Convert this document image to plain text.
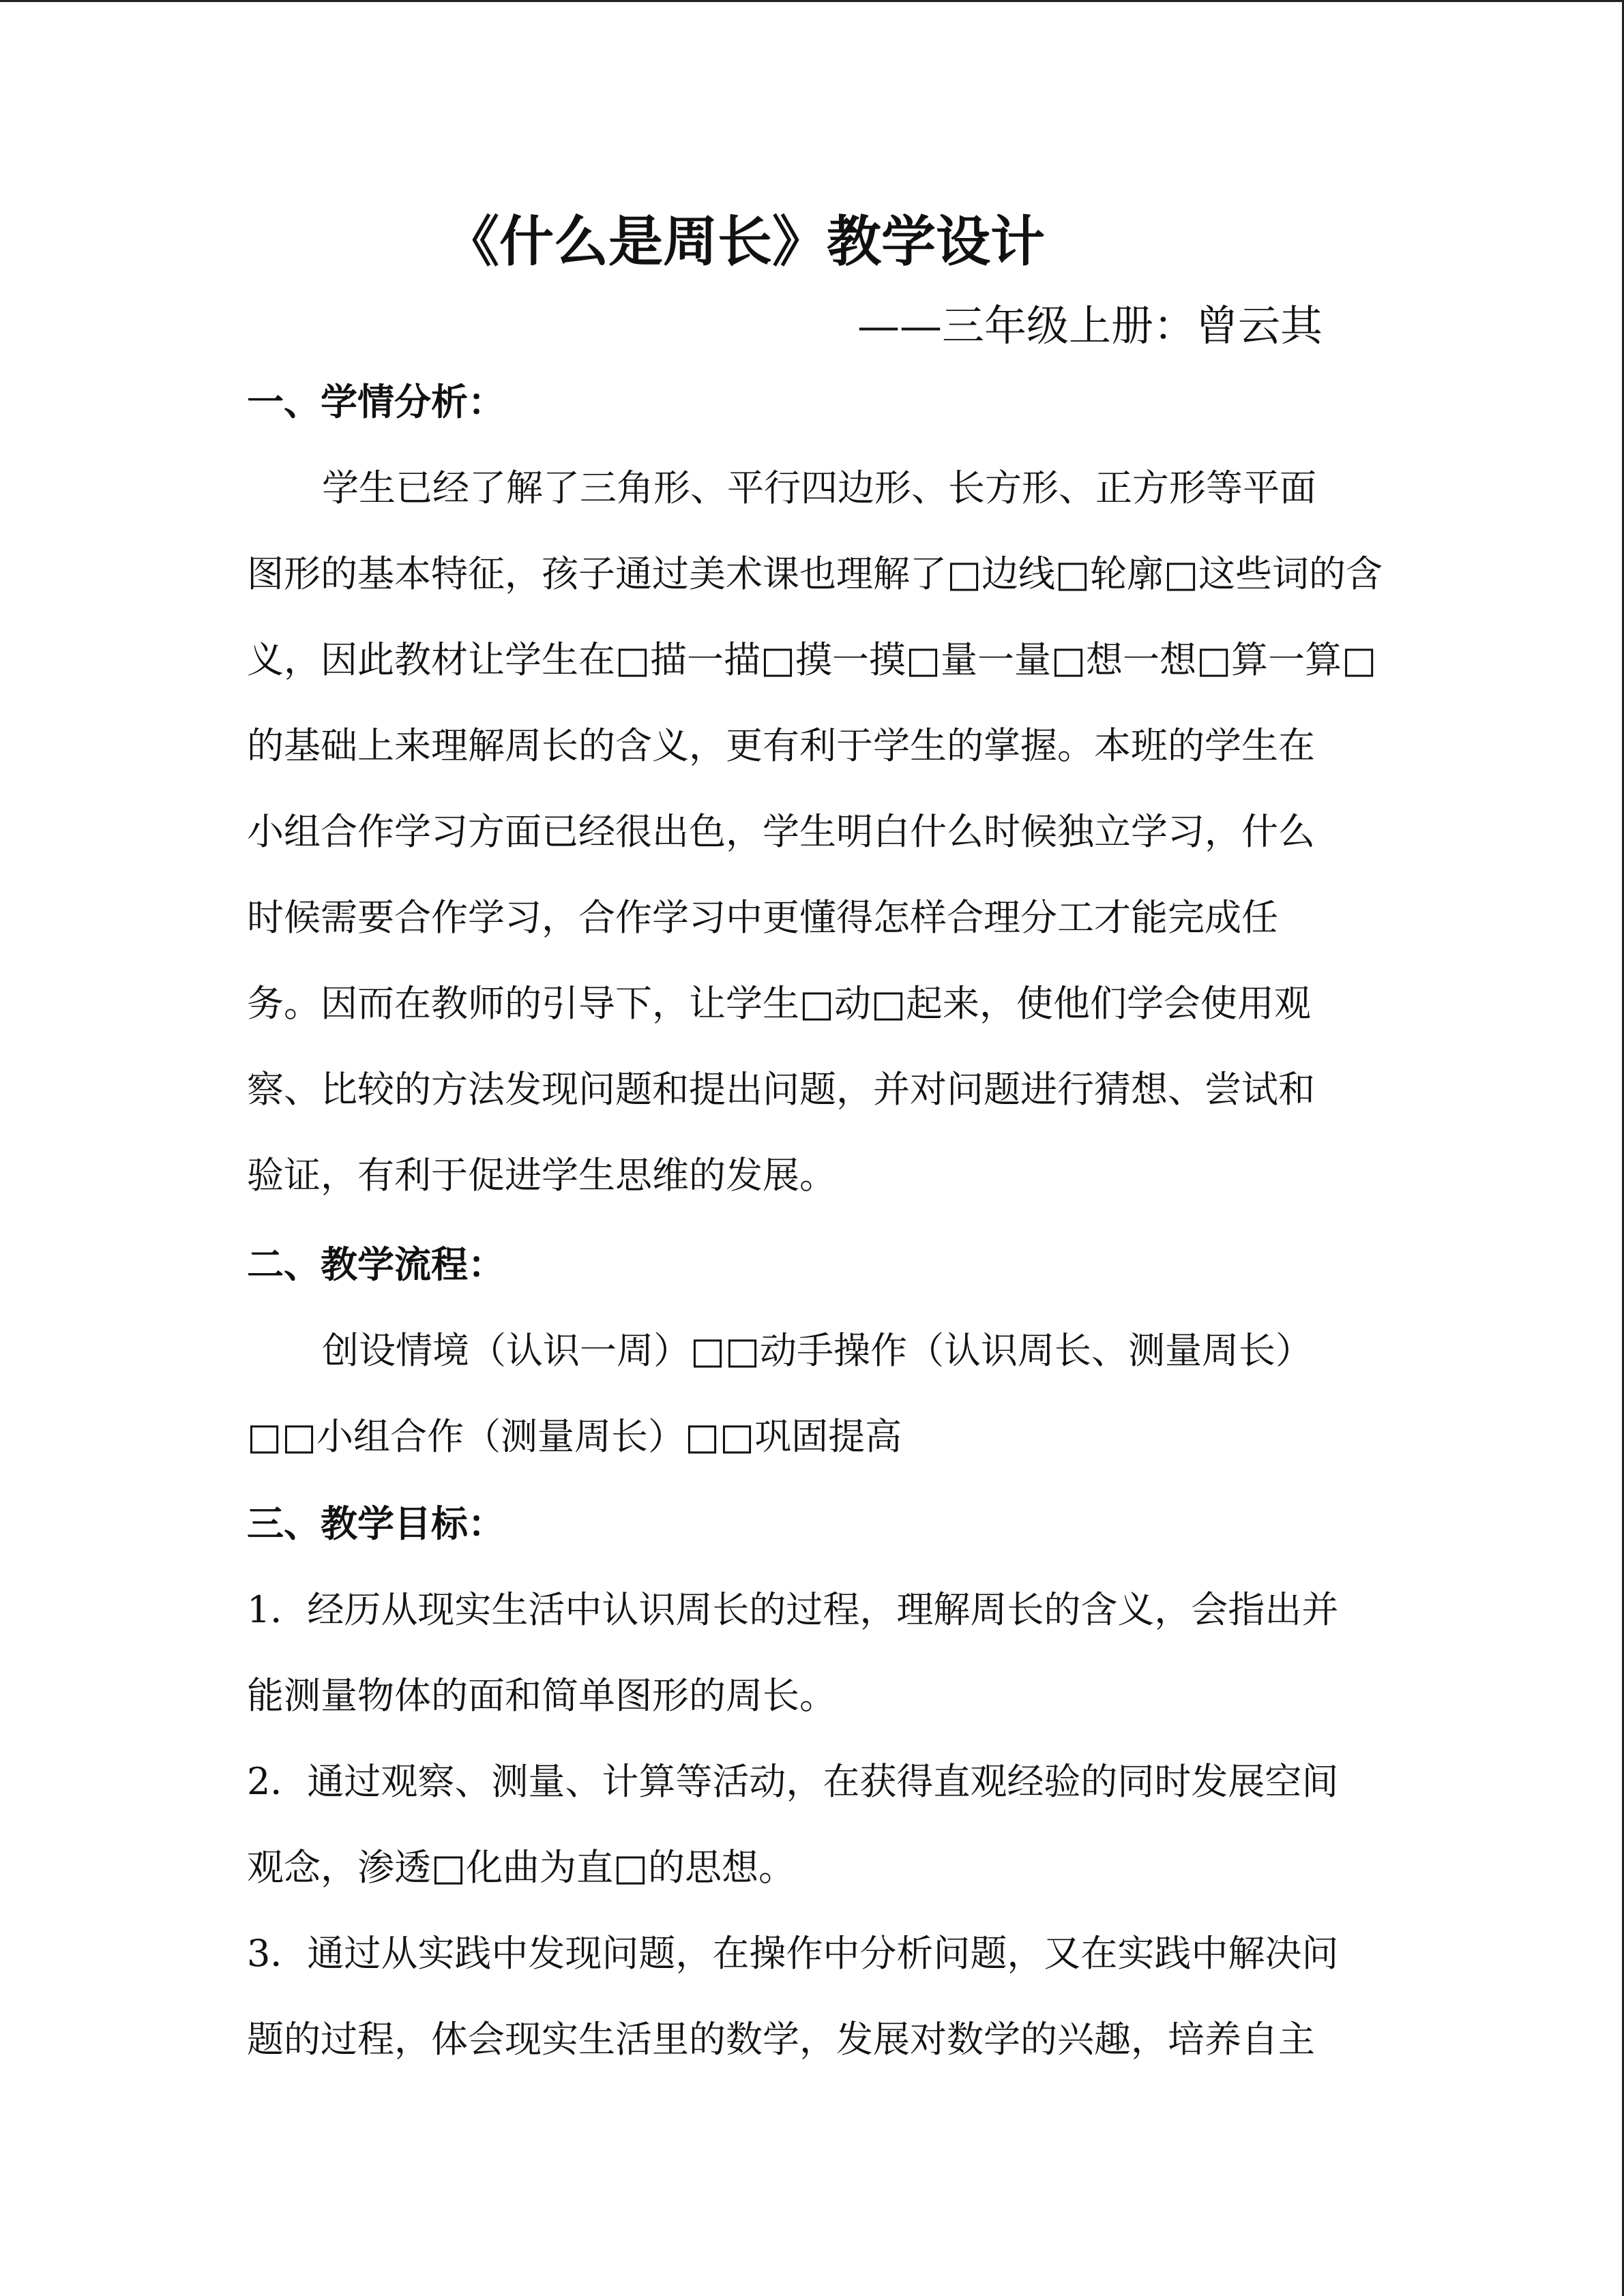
《什么是周长》教学设计
——三年级上册：曾云其
一、学情分析：
学生已经了解了三角形、平行四边形、长方形、正方形等平面
图形的基本特征，孩子通过美术课也理解了□边线□轮廓□这些词的含
义，因此教材让学生在□描一描□摸一摸□量一量□想一想□算一算□
的基础上来理解周长的含义，更有利于学生的掌握。本班的学生在
小组合作学习方面已经很出色，学生明白什么时候独立学习，什么
时候需要合作学习，合作学习中更懂得怎样合理分工才能完成任
务。因而在教师的引导下，让学生□动□起来，使他们学会使用观
察、比较的方法发现问题和提出问题，并对问题进行猜想、尝试和
验证，有利于促进学生思维的发展。
二、教学流程：
创设情境（认识一周）□□动手操作（认识周长、测量周长）
□□小组合作（测量周长）□□巩固提高
三、教学目标：
1．经历从现实生活中认识周长的过程，理解周长的含义，会指出并
能测量物体的面和简单图形的周长。
2．通过观察、测量、计算等活动，在获得直观经验的同时发展空间
观念，渗透□化曲为直□的思想。
3．通过从实践中发现问题，在操作中分析问题，又在实践中解决问
题的过程，体会现实生活里的数学，发展对数学的兴趣，培养自主
